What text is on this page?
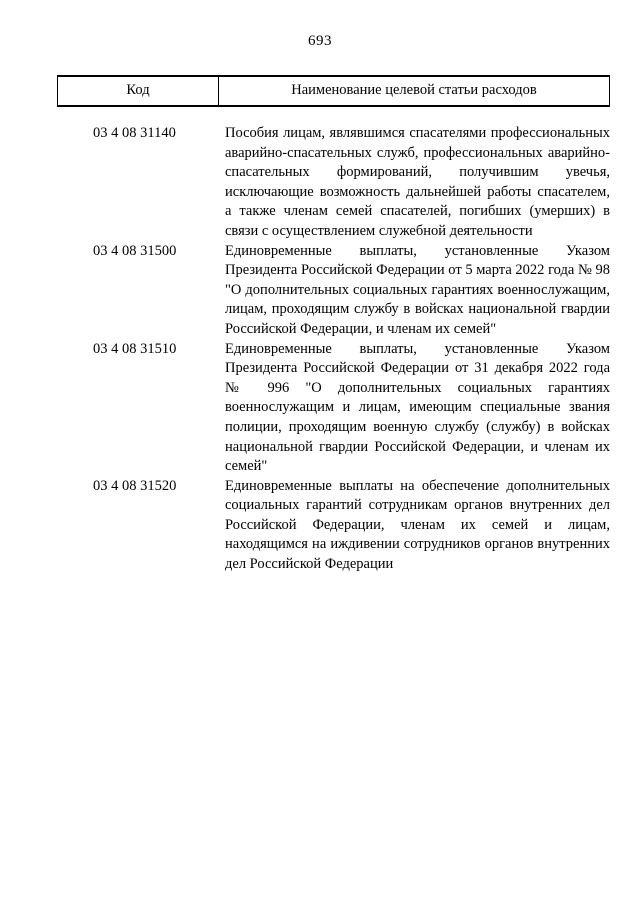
693
Код	Наименование целевой статьи расходов
03 4 08 31140	Пособия лицам, являвшимся спасателями профессиональных аварийно-спасательных служб, профессиональных аварийно-спасательных формирований, получившим увечья, исключающие возможность дальнейшей работы спасателем, а также членам семей спасателей, погибших (умерших) в связи с осуществлением служебной деятельности
03 4 08 31500	Единовременные выплаты, установленные Указом Президента Российской Федерации от 5 марта 2022 года № 98 "О дополнительных социальных гарантиях военнослужащим, лицам, проходящим службу в войсках национальной гвардии Российской Федерации, и членам их семей"
03 4 08 31510	Единовременные выплаты, установленные Указом Президента Российской Федерации от 31 декабря 2022 года № 996 "О дополнительных социальных гарантиях военнослужащим и лицам, имеющим специальные звания полиции, проходящим военную службу (службу) в войсках национальной гвардии Российской Федерации, и членам их семей"
03 4 08 31520	Единовременные выплаты на обеспечение дополнительных социальных гарантий сотрудникам органов внутренних дел Российской Федерации, членам их семей и лицам, находящимся на иждивении сотрудников органов внутренних дел Российской Федерации
